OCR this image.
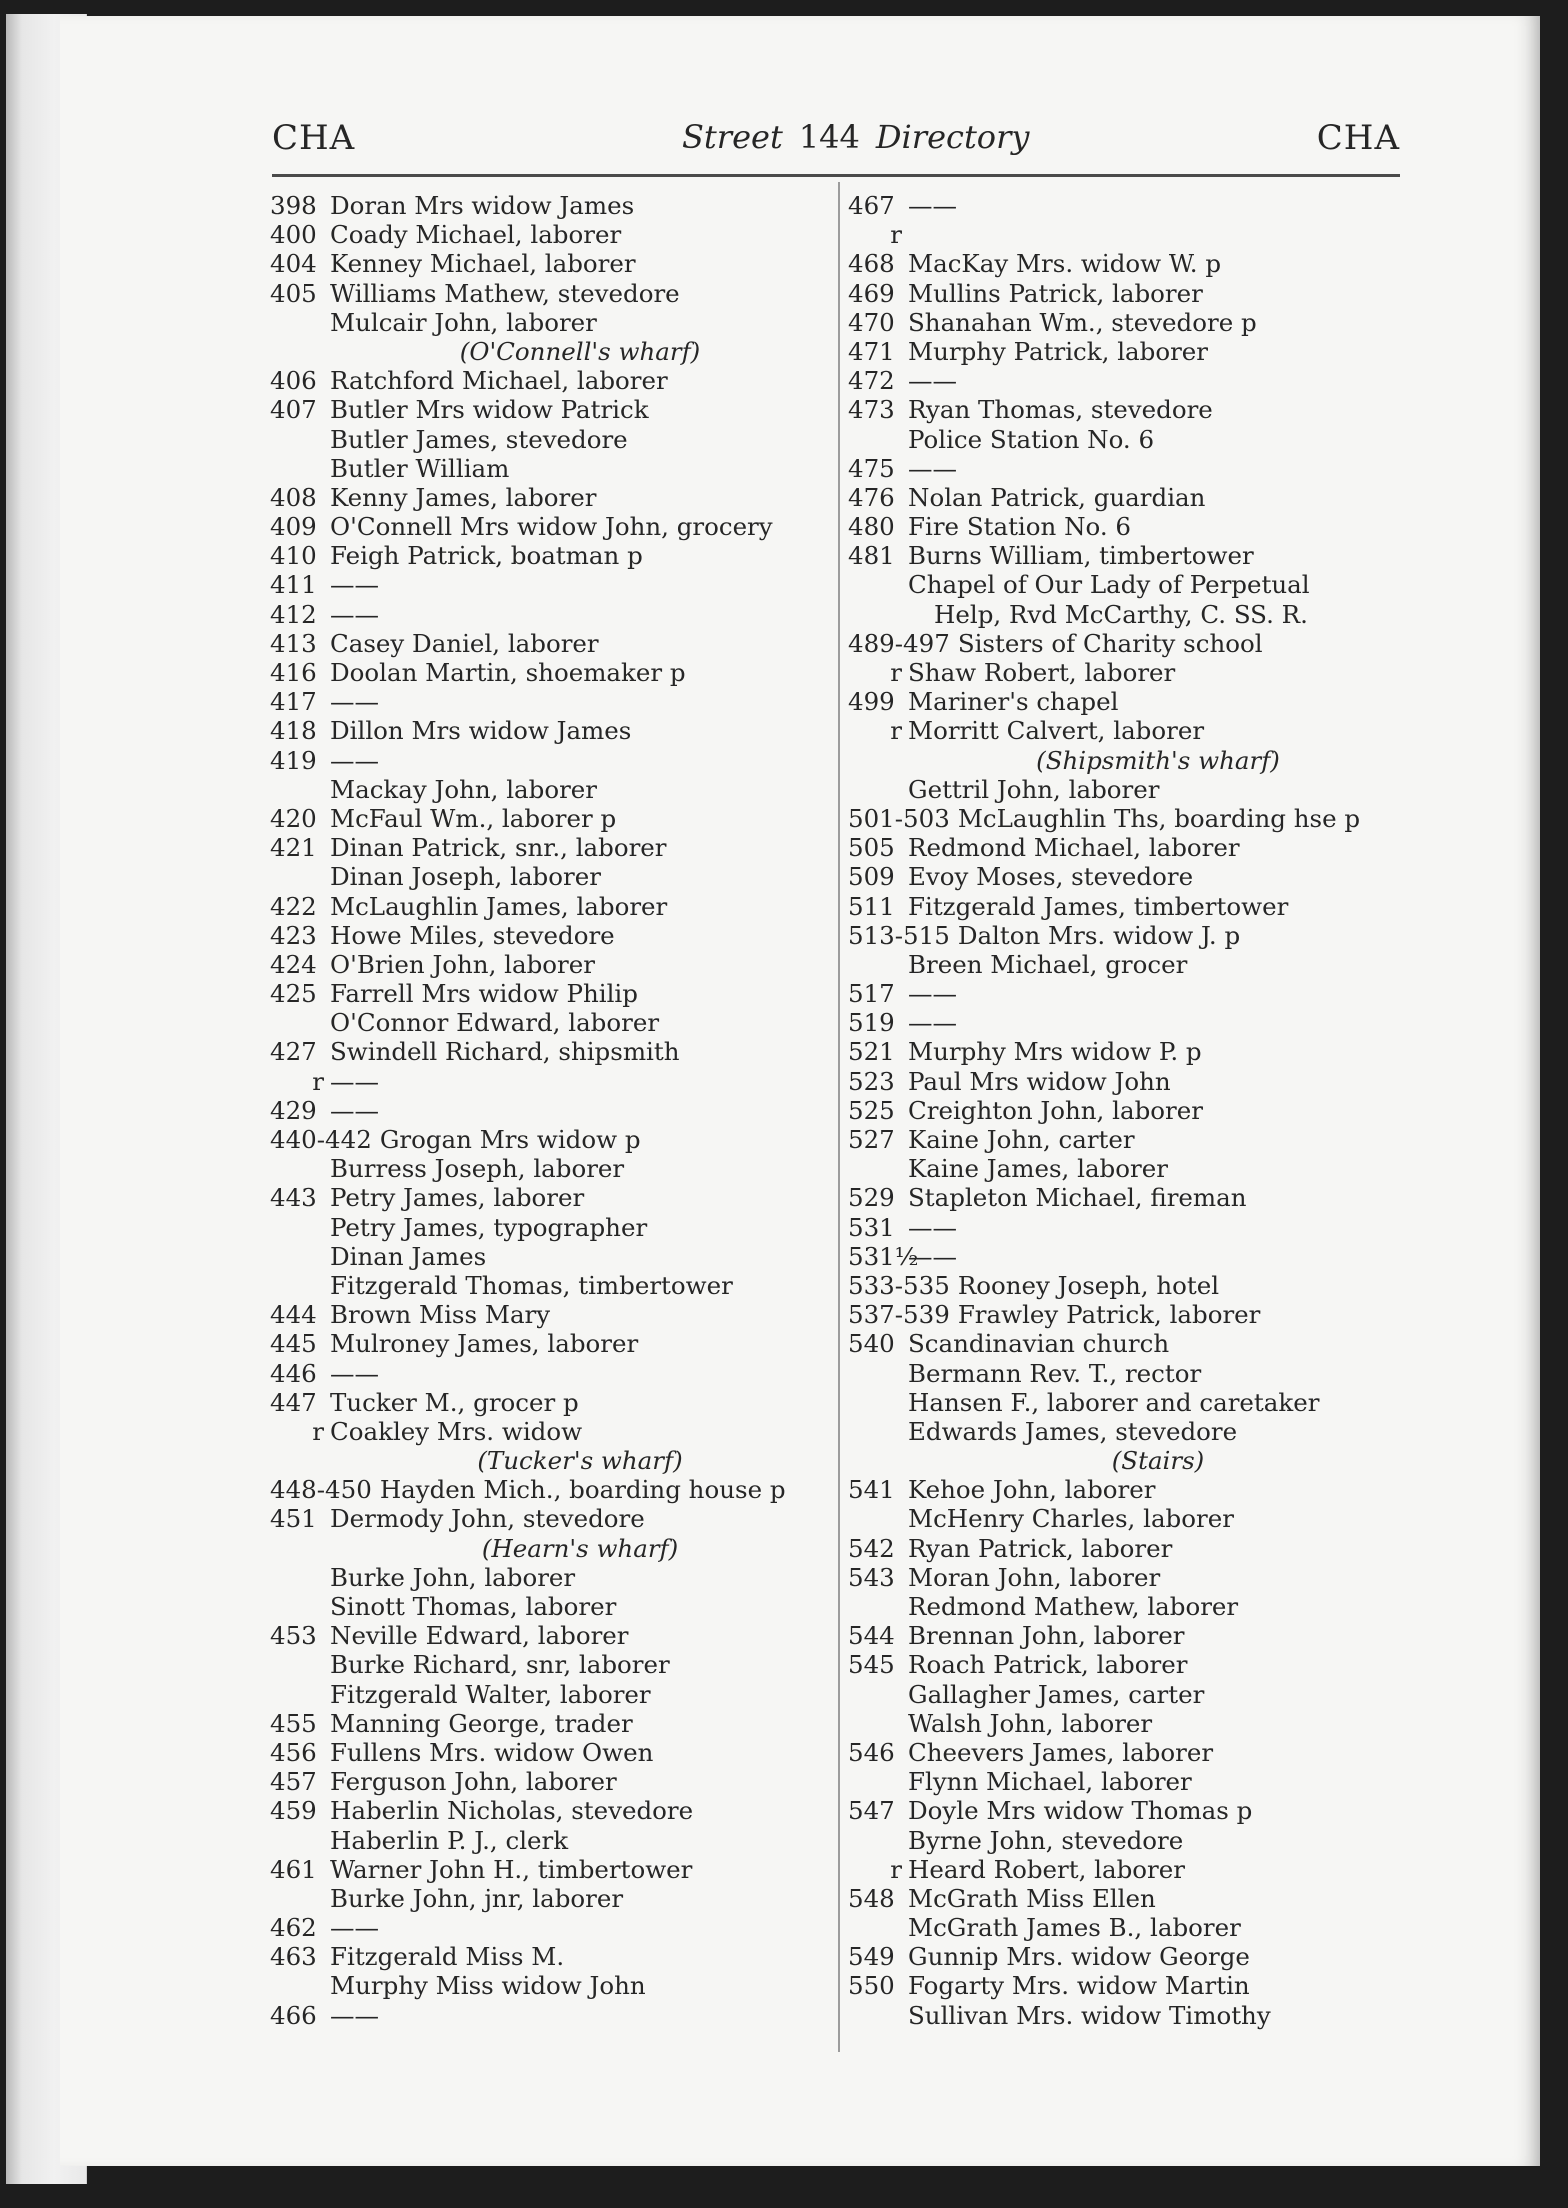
CHA	Street 144 Directory	CHA
398 Doran Mrs widow James
400 Coady Michael, laborer
404 Kenney Michael, laborer
405 Williams Mathew, stevedore
Mulcair John, laborer
(O'Connell's wharf)
406 Ratchford Michael, laborer
407 Butler Mrs widow Patrick
Butler James, stevedore
Butler William
408 Kenny James, laborer
409 O'Connell Mrs widow John, grocery
410 Feigh Patrick, boatman p
411 ——
412 ——
413 Casey Daniel, laborer
416 Doolan Martin, shoemaker p
417 ——
418 Dillon Mrs widow James
419 ——
Mackay John, laborer
420 McFaul Wm., laborer p
421 Dinan Patrick, snr., laborer
Dinan Joseph, laborer
422 McLaughlin James, laborer
423 Howe Miles, stevedore
424 O'Brien John, laborer
425 Farrell Mrs widow Philip
O'Connor Edward, laborer
427 Swindell Richard, shipsmith
r ——
429 ——
440-442 Grogan Mrs widow p
Burress Joseph, laborer
443 Petry James, laborer
Petry James, typographer
Dinan James
Fitzgerald Thomas, timbertower
444 Brown Miss Mary
445 Mulroney James, laborer
446 ——
447 Tucker M., grocer p
r Coakley Mrs. widow
(Tucker's wharf)
448-450 Hayden Mich., boarding house p
451 Dermody John, stevedore
(Hearn's wharf)
Burke John, laborer
Sinott Thomas, laborer
453 Neville Edward, laborer
Burke Richard, snr, laborer
Fitzgerald Walter, laborer
455 Manning George, trader
456 Fullens Mrs. widow Owen
457 Ferguson John, laborer
459 Haberlin Nicholas, stevedore
Haberlin P. J., clerk
461 Warner John H., timbertower
Burke John, jnr, laborer
462 ——
463 Fitzgerald Miss M.
Murphy Miss widow John
466 ——
467 ——
r
468 MacKay Mrs. widow W. p
469 Mullins Patrick, laborer
470 Shanahan Wm., stevedore p
471 Murphy Patrick, laborer
472 ——
473 Ryan Thomas, stevedore
Police Station No. 6
475 ——
476 Nolan Patrick, guardian
480 Fire Station No. 6
481 Burns William, timbertower
Chapel of Our Lady of Perpetual
Help, Rvd McCarthy, C. SS. R.
489-497 Sisters of Charity school
r Shaw Robert, laborer
499 Mariner's chapel
r Morritt Calvert, laborer
(Shipsmith's wharf)
Gettril John, laborer
501-503 McLaughlin Ths, boarding hse p
505 Redmond Michael, laborer
509 Evoy Moses, stevedore
511 Fitzgerald James, timbertower
513-515 Dalton Mrs. widow J. p
Breen Michael, grocer
517 ——
519 ——
521 Murphy Mrs widow P. p
523 Paul Mrs widow John
525 Creighton John, laborer
527 Kaine John, carter
Kaine James, laborer
529 Stapleton Michael, fireman
531 ——
531½——
533-535 Rooney Joseph, hotel
537-539 Frawley Patrick, laborer
540 Scandinavian church
Bermann Rev. T., rector
Hansen F., laborer and caretaker
Edwards James, stevedore
(Stairs)
541 Kehoe John, laborer
McHenry Charles, laborer
542 Ryan Patrick, laborer
543 Moran John, laborer
Redmond Mathew, laborer
544 Brennan John, laborer
545 Roach Patrick, laborer
Gallagher James, carter
Walsh John, laborer
546 Cheevers James, laborer
Flynn Michael, laborer
547 Doyle Mrs widow Thomas p
Byrne John, stevedore
r Heard Robert, laborer
548 McGrath Miss Ellen
McGrath James B., laborer
549 Gunnip Mrs. widow George
550 Fogarty Mrs. widow Martin
Sullivan Mrs. widow Timothy
